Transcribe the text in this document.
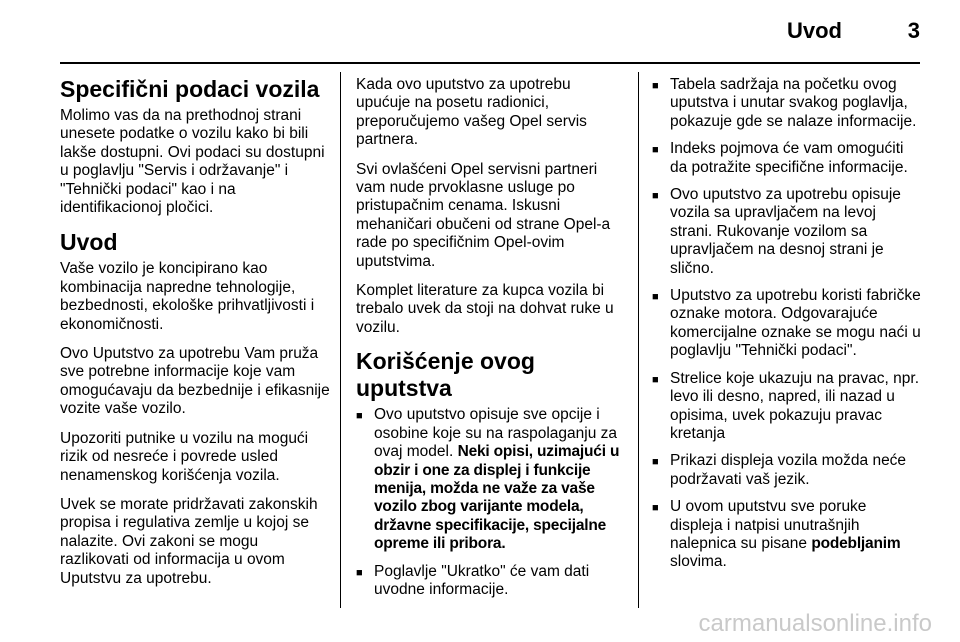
Uvod	3
Specifični podaci vozila

Molimo vas da na prethodnoj strani unesete podatke o vozilu kako bi bili lakše dostupni. Ovi podaci su dostupni u poglavlju "Servis i održavanje" i "Tehnički podaci" kao i na identifikacionoj pločici.

Uvod

Vaše vozilo je koncipirano kao kombinacija napredne tehnologije, bezbednosti, ekološke prihvatljivosti i ekonomičnosti.

Ovo Uputstvo za upotrebu Vam pruža sve potrebne informacije koje vam omogućavaju da bezbednije i efikasnije vozite vaše vozilo.

Upozoriti putnike u vozilu na mogući rizik od nesreće i povrede usled nenamenskog korišćenja vozila.

Uvek se morate pridržavati zakonskih propisa i regulativa zemlje u kojoj se nalazite. Ovi zakoni se mogu razlikovati od informacija u ovom Uputstvu za upotrebu.

Kada ovo uputstvo za upotrebu upućuje na posetu radionici, preporučujemo vašeg Opel servis partnera.

Svi ovlašćeni Opel servisni partneri vam nude prvoklasne usluge po pristupačnim cenama. Iskusni mehaničari obučeni od strane Opel-a rade po specifičnim Opel-ovim uputstvima.

Komplet literature za kupca vozila bi trebalo uvek da stoji na dohvat ruke u vozilu.

Korišćenje ovog uputstva
■ Ovo uputstvo opisuje sve opcije i osobine koje su na raspolaganju za ovaj model. Neki opisi, uzimajući u obzir i one za displej i funkcije menija, možda ne važe za vaše vozilo zbog varijante modela, državne specifikacije, specijalne opreme ili pribora.
■ Poglavlje "Ukratko" će vam dati uvodne informacije.
■ Tabela sadržaja na početku ovog uputstva i unutar svakog poglavlja, pokazuje gde se nalaze informacije.
■ Indeks pojmova će vam omogućiti da potražite specifične informacije.
■ Ovo uputstvo za upotrebu opisuje vozila sa upravljačem na levoj strani. Rukovanje vozilom sa upravljačem na desnoj strani je slično.
■ Uputstvo za upotrebu koristi fabričke oznake motora. Odgovarajuće komercijalne oznake se mogu naći u poglavlju "Tehnički podaci".
■ Strelice koje ukazuju na pravac, npr. levo ili desno, napred, ili nazad u opisima, uvek pokazuju pravac kretanja
■ Prikazi displeja vozila možda neće podržavati vaš jezik.
■ U ovom uputstvu sve poruke displeja i natpisi unutrašnjih nalepnica su pisane podebljanim slovima.
carmanualsonline.info
